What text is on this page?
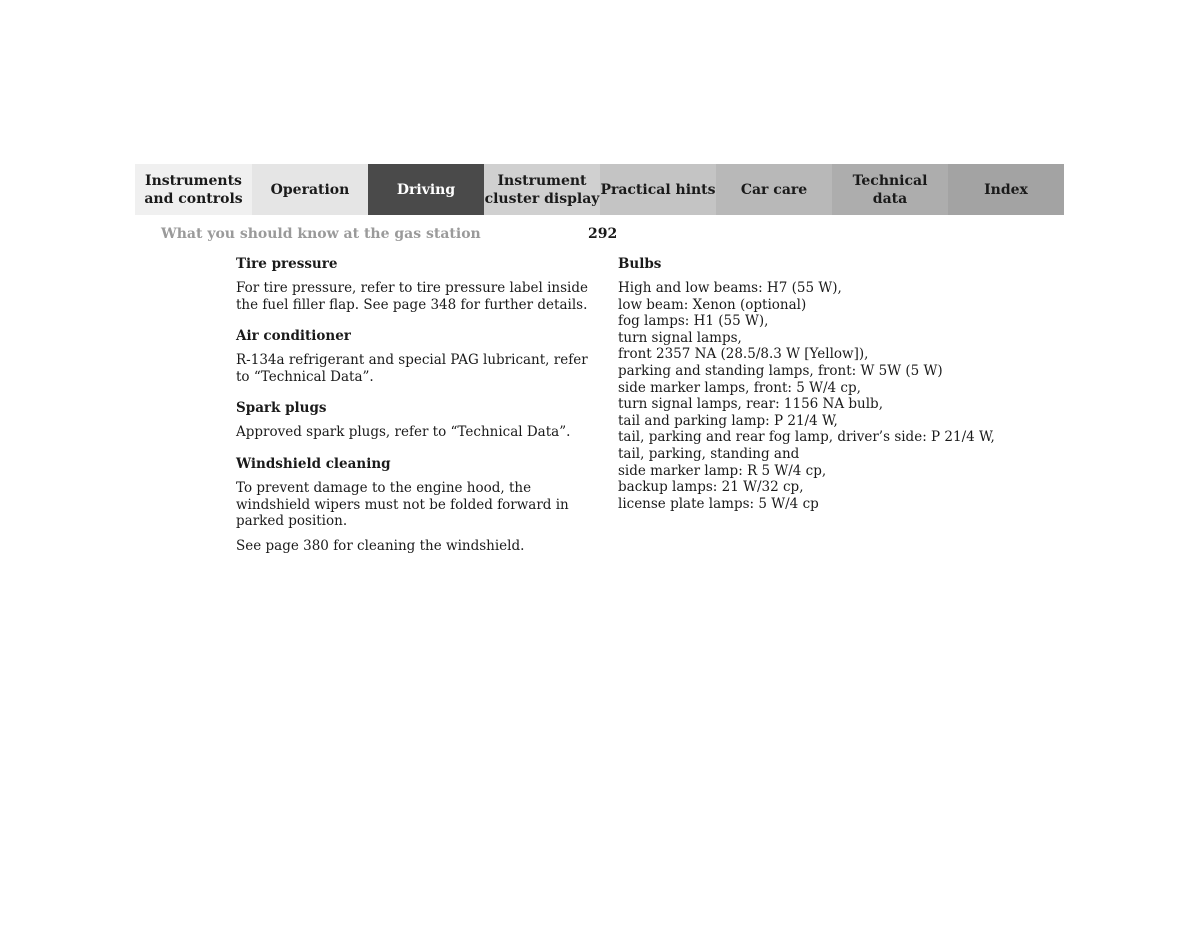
Instruments
and controls
Operation	Driving
Instrument
cluster display
Practical hints	Car care
Technical
data
Index
What you should know at the gas station	292
Tire pressure

For tire pressure, refer to tire pressure label inside the fuel filler flap. See page 348 for further details.

Air conditioner

R-134a refrigerant and special PAG lubricant, refer to “Technical Data”.

Spark plugs

Approved spark plugs, refer to “Technical Data”.

Windshield cleaning

To prevent damage to the engine hood, the windshield wipers must not be folded forward in parked position.

See page 380 for cleaning the windshield.

Bulbs

High and low beams: H7 (55 W),

low beam: Xenon (optional)

fog lamps: H1 (55 W),

turn signal lamps,

front 2357 NA (28.5/8.3 W [Yellow]),

parking and standing lamps, front: W 5W (5 W)

side marker lamps, front: 5 W/4 cp,

turn signal lamps, rear: 1156 NA bulb,

tail and parking lamp: P 21/4 W,

tail, parking and rear fog lamp, driver’s side: P 21/4 W,

tail, parking, standing and

side marker lamp: R 5 W/4 cp,

backup lamps: 21 W/32 cp,

license plate lamps: 5 W/4 cp
